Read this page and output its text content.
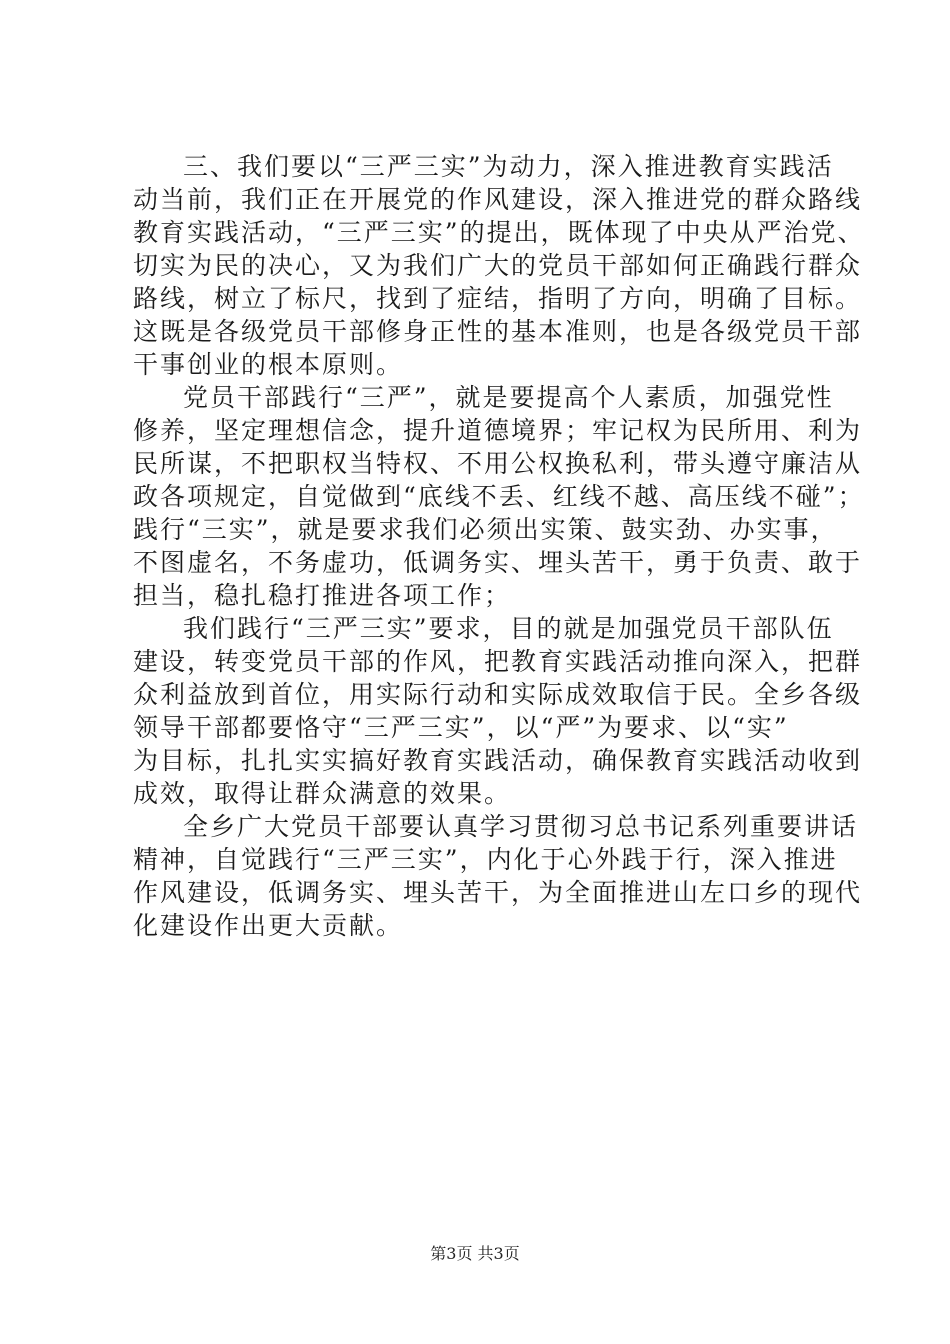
三、我们要以“三严三实”为动力，深入推进教育实践活
动当前，我们正在开展党的作风建设，深入推进党的群众路线
教育实践活动，“三严三实”的提出，既体现了中央从严治党、
切实为民的决心，又为我们广大的党员干部如何正确践行群众
路线，树立了标尺，找到了症结，指明了方向，明确了目标。
这既是各级党员干部修身正性的基本准则，也是各级党员干部
干事创业的根本原则。

党员干部践行“三严”，就是要提高个人素质，加强党性
修养，坚定理想信念，提升道德境界；牢记权为民所用、利为
民所谋，不把职权当特权、不用公权换私利，带头遵守廉洁从
政各项规定，自觉做到“底线不丢、红线不越、高压线不碰”；
践行“三实”，就是要求我们必须出实策、鼓实劲、办实事，
不图虚名，不务虚功，低调务实、埋头苦干，勇于负责、敢于
担当，稳扎稳打推进各项工作；

我们践行“三严三实”要求，目的就是加强党员干部队伍
建设，转变党员干部的作风，把教育实践活动推向深入，把群
众利益放到首位，用实际行动和实际成效取信于民。全乡各级
领导干部都要恪守“三严三实”，以“严”为要求、以“实”
为目标，扎扎实实搞好教育实践活动，确保教育实践活动收到
成效，取得让群众满意的效果。

全乡广大党员干部要认真学习贯彻习总书记系列重要讲话
精神，自觉践行“三严三实”，内化于心外践于行，深入推进
作风建设，低调务实、埋头苦干，为全面推进山左口乡的现代
化建设作出更大贡献。

第3页 共3页
